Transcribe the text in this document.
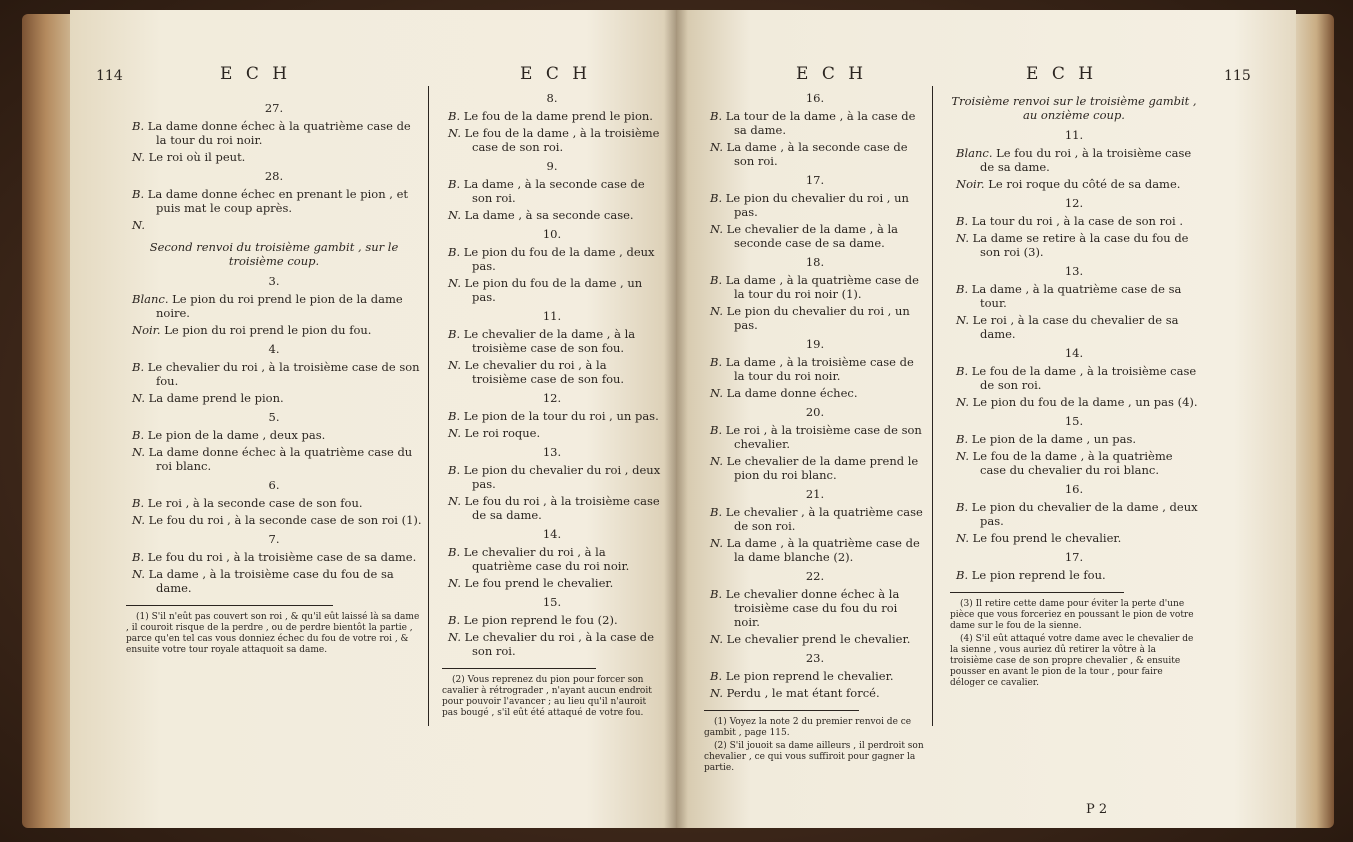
114	E C H	E C H
27.
B. La dame donne échec à la quatrième case de la tour du roi noir.
N. Le roi où il peut.
28.
B. La dame donne échec en prenant le pion , et puis mat le coup après.
N.
Second renvoi du troisième gambit , sur le troisième coup.
3.
Blanc. Le pion du roi prend le pion de la dame noire.
Noir. Le pion du roi prend le pion du fou.
4.
B. Le chevalier du roi , à la troisième case de son fou.
N. La dame prend le pion.
5.
B. Le pion de la dame , deux pas.
N. La dame donne échec à la quatrième case du roi blanc.
6.
B. Le roi , à la seconde case de son fou.
N. Le fou du roi , à la seconde case de son roi (1).
7.
B. Le fou du roi , à la troisième case de sa dame.
N. La dame , à la troisième case du fou de sa dame.
(1) S'il n'eût pas couvert son roi , & qu'il eût laissé là sa dame , il couroit risque de la perdre , ou de perdre bientôt la partie , parce qu'en tel cas vous donniez échec du fou de votre roi , & ensuite votre tour royale attaquoit sa dame.
8.
B. Le fou de la dame prend le pion.
N. Le fou de la dame , à la troisième case de son roi.
9.
B. La dame , à la seconde case de son roi.
N. La dame , à sa seconde case.
10.
B. Le pion du fou de la dame , deux pas.
N. Le pion du fou de la dame , un pas.
11.
B. Le chevalier de la dame , à la troisième case de son fou.
N. Le chevalier du roi , à la troisième case de son fou.
12.
B. Le pion de la tour du roi , un pas.
N. Le roi roque.
13.
B. Le pion du chevalier du roi , deux pas.
N. Le fou du roi , à la troisième case de sa dame.
14.
B. Le chevalier du roi , à la quatrième case du roi noir.
N. Le fou prend le chevalier.
15.
B. Le pion reprend le fou (2).
N. Le chevalier du roi , à la case de son roi.
(2) Vous reprenez du pion pour forcer son cavalier à rétrograder , n'ayant aucun endroit pour pouvoir l'avancer ; au lieu qu'il n'auroit pas bougé , s'il eût été attaqué de votre fou.
E C H	E C H	115
16.
B. La tour de la dame , à la case de sa dame.
N. La dame , à la seconde case de son roi.
17.
B. Le pion du chevalier du roi , un pas.
N. Le chevalier de la dame , à la seconde case de sa dame.
18.
B. La dame , à la quatrième case de la tour du roi noir (1).
N. Le pion du chevalier du roi , un pas.
19.
B. La dame , à la troisième case de la tour du roi noir.
N. La dame donne échec.
20.
B. Le roi , à la troisième case de son chevalier.
N. Le chevalier de la dame prend le pion du roi blanc.
21.
B. Le chevalier , à la quatrième case de son roi.
N. La dame , à la quatrième case de la dame blanche (2).
22.
B. Le chevalier donne échec à la troisième case du fou du roi noir.
N. Le chevalier prend le chevalier.
23.
B. Le pion reprend le chevalier.
N. Perdu , le mat étant forcé.
(1) Voyez la note 2 du premier renvoi de ce gambit , page 115.
(2) S'il jouoit sa dame ailleurs , il perdroit son chevalier , ce qui vous suffiroit pour gagner la partie.
Troisième renvoi sur le troisième gambit , au onzième coup.
11.
Blanc. Le fou du roi , à la troisième case de sa dame.
Noir. Le roi roque du côté de sa dame.
12.
B. La tour du roi , à la case de son roi .
N. La dame se retire à la case du fou de son roi (3).
13.
B. La dame , à la quatrième case de sa tour.
N. Le roi , à la case du chevalier de sa dame.
14.
B. Le fou de la dame , à la troisième case de son roi.
N. Le pion du fou de la dame , un pas (4).
15.
B. Le pion de la dame , un pas.
N. Le fou de la dame , à la quatrième case du chevalier du roi blanc.
16.
B. Le pion du chevalier de la dame , deux pas.
N. Le fou prend le chevalier.
17.
B. Le pion reprend le fou.
(3) Il retire cette dame pour éviter la perte d'une pièce que vous forceriez en poussant le pion de votre dame sur le fou de la sienne.
(4) S'il eût attaqué votre dame avec le chevalier de la sienne , vous auriez dû retirer la vôtre à la troisième case de son propre chevalier , & ensuite pousser en avant le pion de la tour , pour faire déloger ce cavalier.
P 2
